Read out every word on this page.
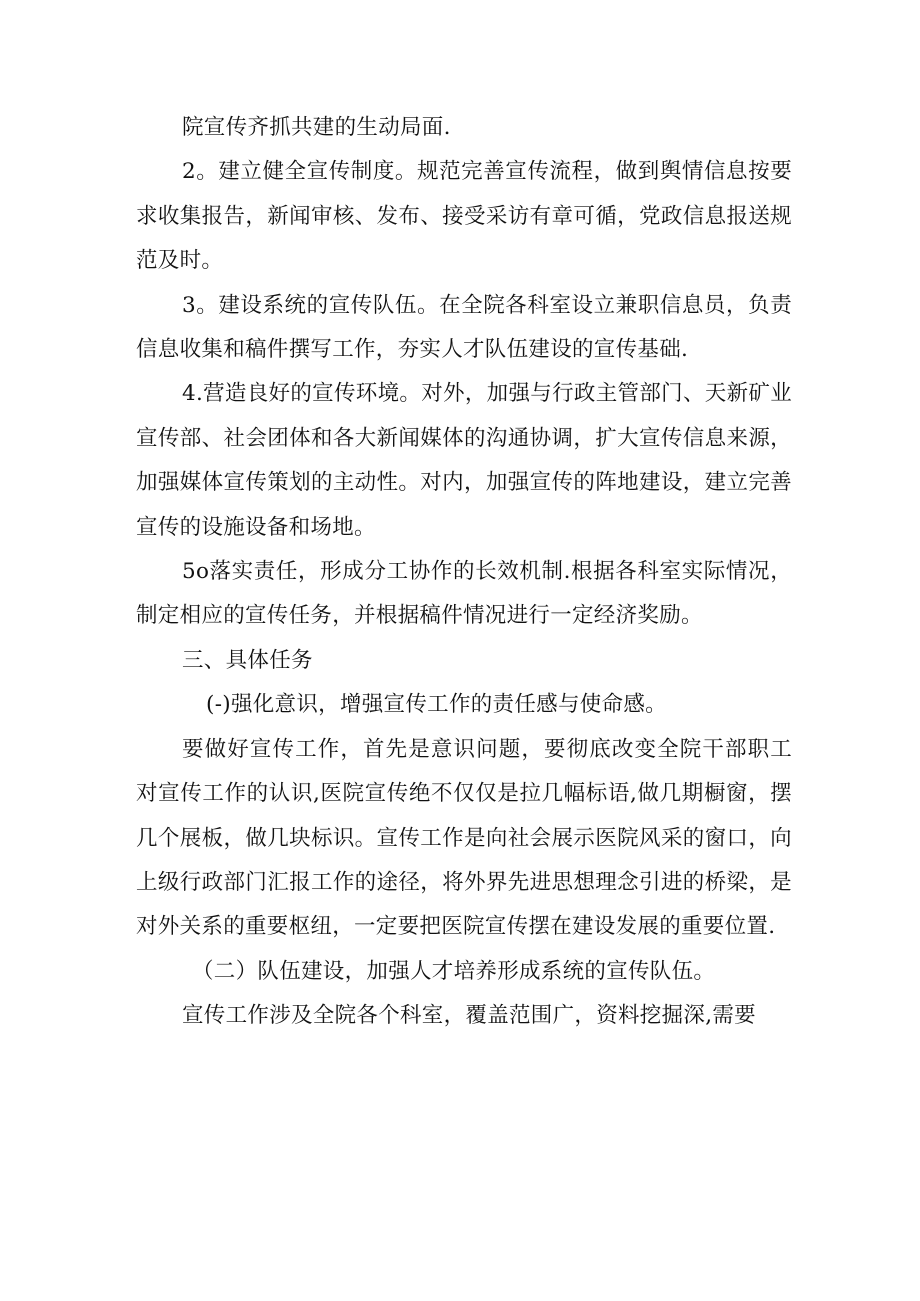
院宣传齐抓共建的生动局面.

2。建立健全宣传制度。规范完善宣传流程，做到舆情信息按要求收集报告，新闻审核、发布、接受采访有章可循，党政信息报送规范及时。

3。建设系统的宣传队伍。在全院各科室设立兼职信息员，负责信息收集和稿件撰写工作，夯实人才队伍建设的宣传基础.

4.营造良好的宣传环境。对外，加强与行政主管部门、天新矿业宣传部、社会团体和各大新闻媒体的沟通协调，扩大宣传信息来源，加强媒体宣传策划的主动性。对内，加强宣传的阵地建设，建立完善宣传的设施设备和场地。

5o落实责任，形成分工协作的长效机制.根据各科室实际情况，制定相应的宣传任务，并根据稿件情况进行一定经济奖励。

三、具体任务

(-)强化意识，增强宣传工作的责任感与使命感。

要做好宣传工作，首先是意识问题，要彻底改变全院干部职工对宣传工作的认识,医院宣传绝不仅仅是拉几幅标语,做几期橱窗，摆几个展板，做几块标识。宣传工作是向社会展示医院风采的窗口，向上级行政部门汇报工作的途径，将外界先进思想理念引进的桥梁，是对外关系的重要枢纽，一定要把医院宣传摆在建设发展的重要位置.

（二）队伍建设，加强人才培养形成系统的宣传队伍。

宣传工作涉及全院各个科室，覆盖范围广，资料挖掘深,需要
